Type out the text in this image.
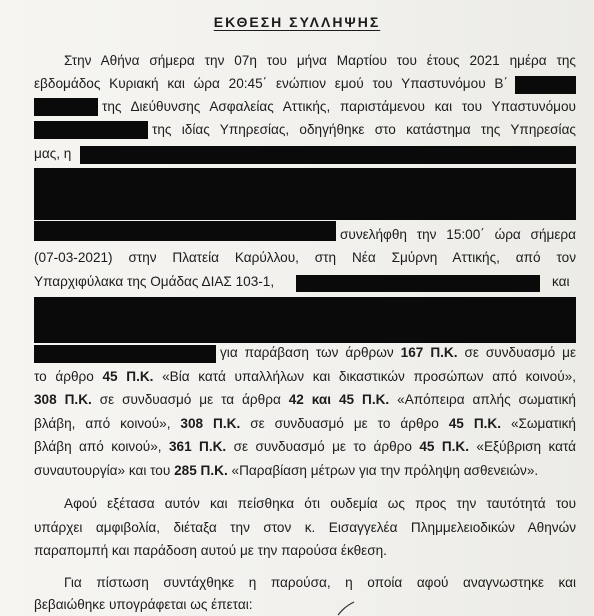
ΕΚΘΕΣΗ ΣΥΛΛΗΨΗΣ
Στην Αθήνα σήμερα την 07η του μήνα Μαρτίου του έτους 2021 ημέρα της
εβδομάδος Κυριακή και ώρα 20:45΄ ενώπιον εμού του Υπαστυνόμου Β΄
της Διεύθυνσης Ασφαλείας Αττικής, παριστάμενου και του Υπαστυνόμου
της ιδίας Υπηρεσίας, οδηγήθηκε στο κατάστημα της Υπηρεσίας
μας, η
συνελήφθη την 15:00΄ ώρα σήμερα
(07-03-2021) στην Πλατεία Καρύλλου, στη Νέα Σμύρνη Αττικής, από τον
Υπαρχιφύλακα της Ομάδας ΔΙΑΣ 103-1,	και
για παράβαση των άρθρων 167 Π.Κ. σε συνδυασμό με
το άρθρο 45 Π.Κ. «Βία κατά υπαλλήλων και δικαστικών προσώπων από κοινού»,
308 Π.Κ. σε συνδυασμό με τα άρθρα 42 και 45 Π.Κ. «Απόπειρα απλής σωματική
βλάβη, από κοινού», 308 Π.Κ. σε συνδυασμό με το άρθρο 45 Π.Κ. «Σωματική
βλάβη από κοινού», 361 Π.Κ. σε συνδυασμό με το άρθρο 45 Π.Κ. «Εξύβριση κατά
συναυτουργία» και του 285 Π.Κ. «Παραβίαση μέτρων για την πρόληψη ασθενειών».
Αφού εξέτασα αυτόν και πείσθηκα ότι ουδεμία ως προς την ταυτότητά του
υπάρχει αμφιβολία, διέταξα την στον κ. Εισαγγελέα Πλημμελειοδικών Αθηνών
παραπομπή και παράδοση αυτού με την παρούσα έκθεση.
Για πίστωση συντάχθηκε η παρούσα, η οποία αφού αναγνωστηκε και
βεβαιώθηκε υπογράφεται ως έπεται:
